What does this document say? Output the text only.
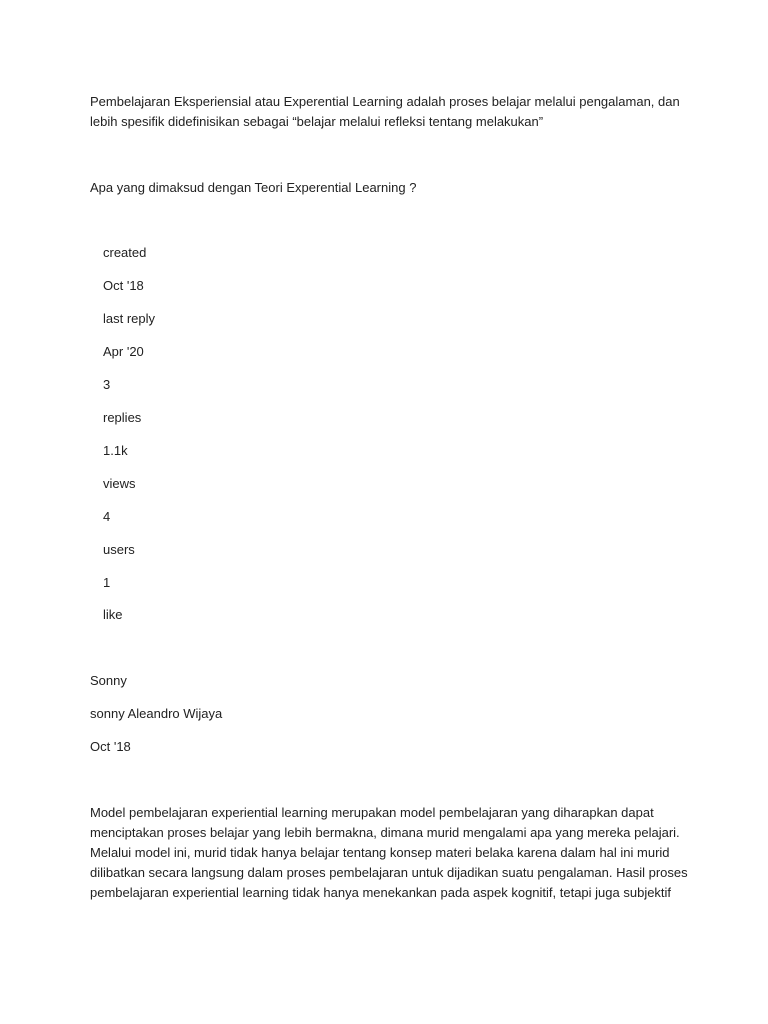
Pembelajaran Eksperiensial atau Experential Learning adalah proses belajar melalui pengalaman, dan
lebih spesifik didefinisikan sebagai “belajar melalui refleksi tentang melakukan”

Apa yang dimaksud dengan Teori Experential Learning ?

created

Oct '18

last reply

Apr '20

3

replies

1.1k

views

4

users

1

like

Sonny

sonny Aleandro Wijaya

Oct '18

Model pembelajaran experiential learning merupakan model pembelajaran yang diharapkan dapat
menciptakan proses belajar yang lebih bermakna, dimana murid mengalami apa yang mereka pelajari.
Melalui model ini, murid tidak hanya belajar tentang konsep materi belaka karena dalam hal ini murid
dilibatkan secara langsung dalam proses pembelajaran untuk dijadikan suatu pengalaman. Hasil proses
pembelajaran experiential learning tidak hanya menekankan pada aspek kognitif, tetapi juga subjektif
